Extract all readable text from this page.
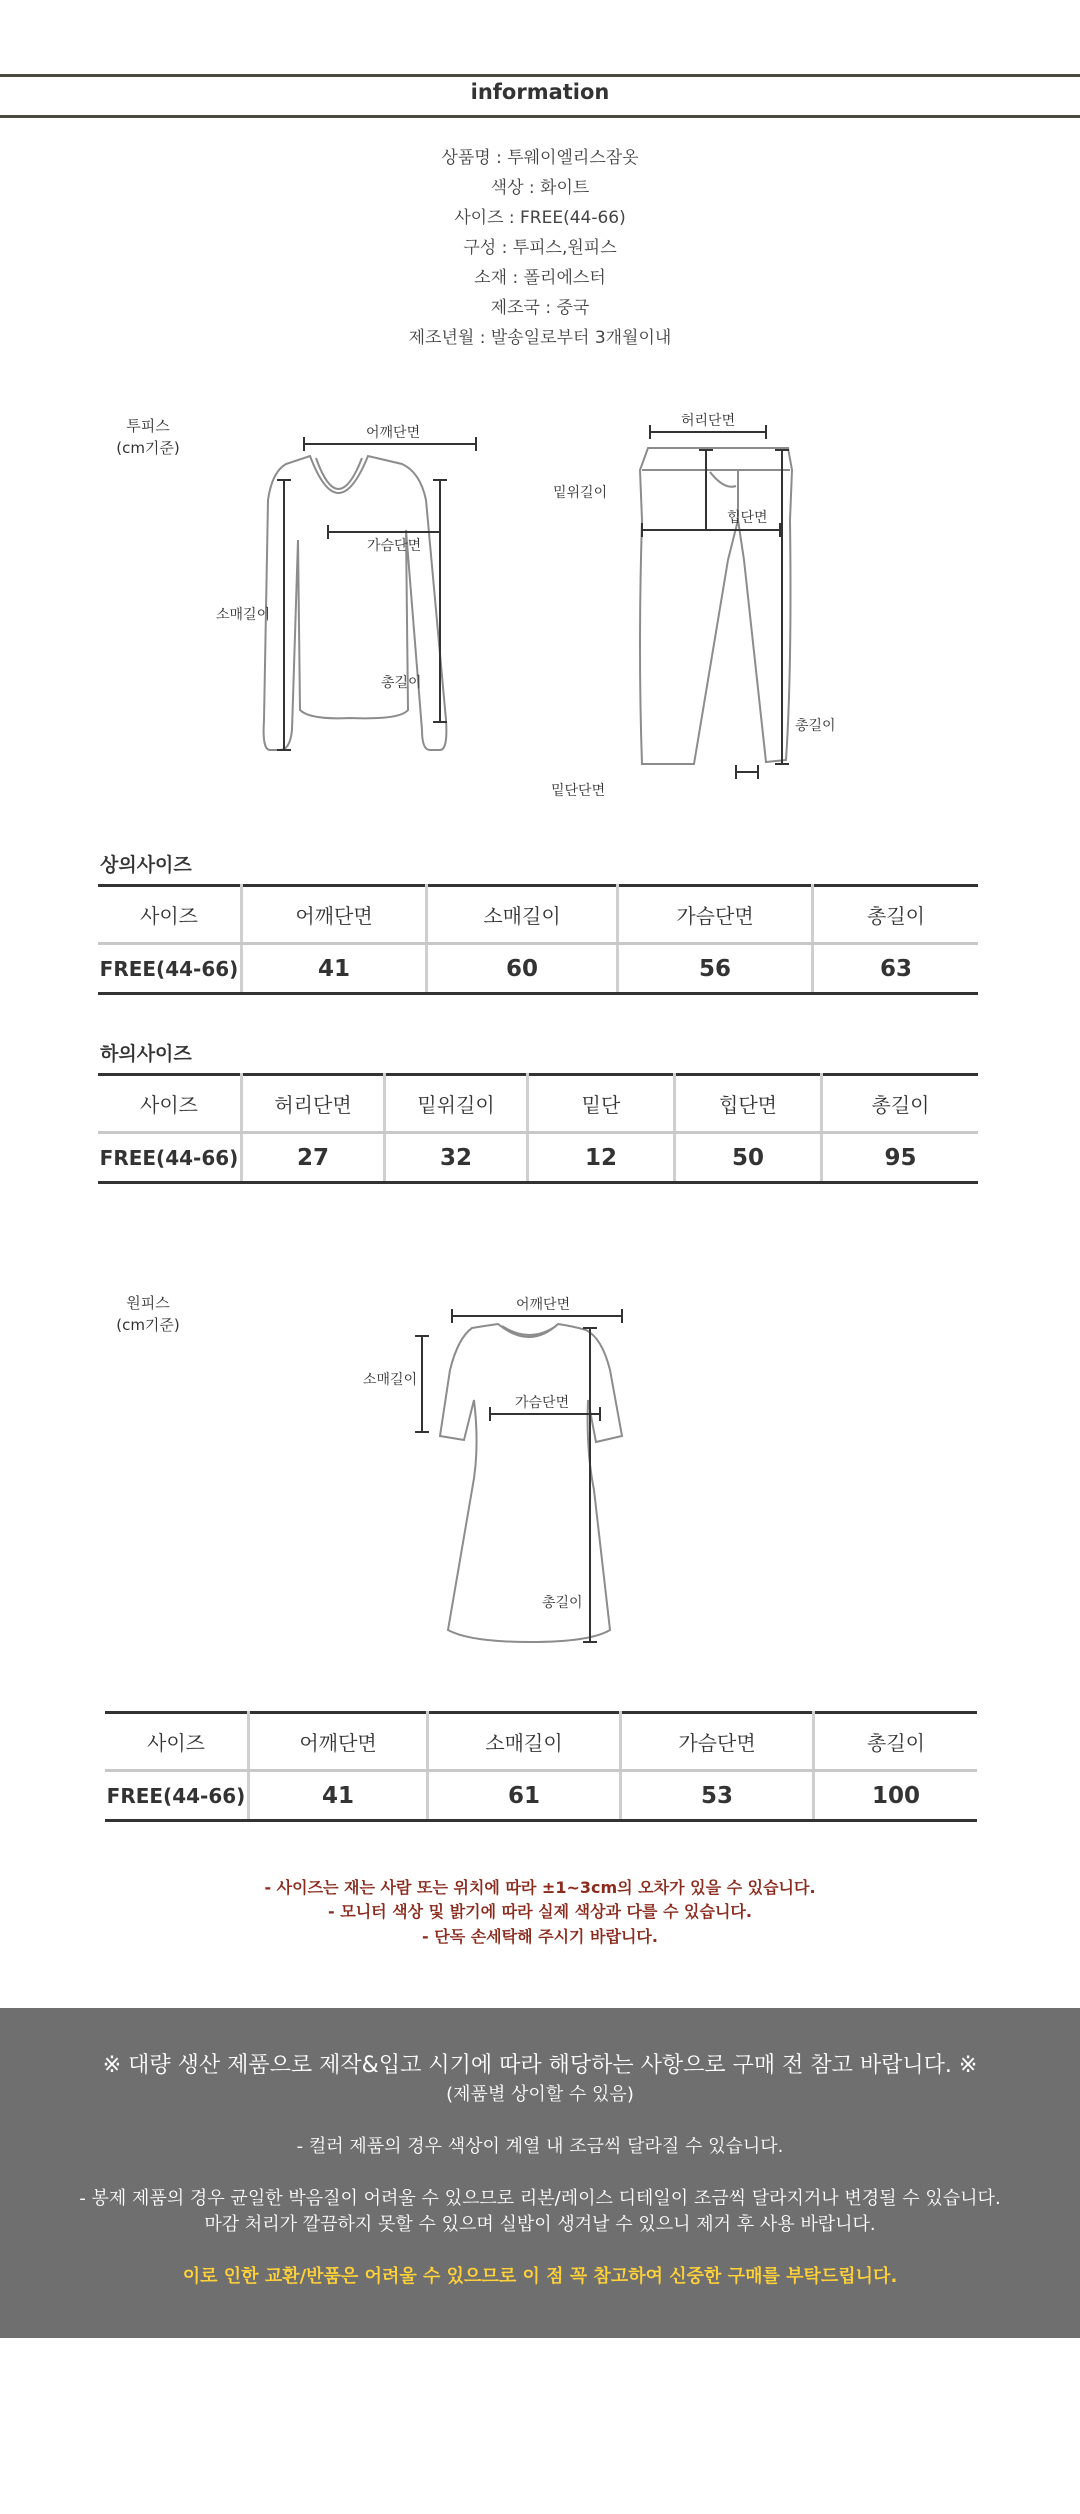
information
상품명 : 투웨이엘리스잠옷
색상 : 화이트
사이즈 : FREE(44-66)
구성 : 투피스,원피스
소재 : 폴리에스터
제조국 : 중국
제조년월 : 발송일로부터 3개월이내
투피스
(cm기준)
어깨단면
가슴단면
소매길이
총길이
허리단면
밑위길이
힙단면
총길이
밑단단면
상의사이즈
사이즈	어깨단면	소매길이	가슴단면	총길이
FREE(44-66)	41	60	56	63
하의사이즈
사이즈	허리단면	밑위길이	밑단	힙단면	총길이
FREE(44-66)	27	32	12	50	95
원피스
(cm기준)
어깨단면
소매길이
가슴단면
총길이
사이즈	어깨단면	소매길이	가슴단면	총길이
FREE(44-66)	41	61	53	100
- 사이즈는 재는 사람 또는 위치에 따라 ±1~3cm의 오차가 있을 수 있습니다.
- 모니터 색상 및 밝기에 따라 실제 색상과 다를 수 있습니다.
- 단독 손세탁해 주시기 바랍니다.
※ 대량 생산 제품으로 제작&입고 시기에 따라 해당하는 사항으로 구매 전 참고 바랍니다. ※
(제품별 상이할 수 있음)
- 컬러 제품의 경우 색상이 계열 내 조금씩 달라질 수 있습니다.
- 봉제 제품의 경우 균일한 박음질이 어려울 수 있으므로 리본/레이스 디테일이 조금씩 달라지거나 변경될 수 있습니다.
마감 처리가 깔끔하지 못할 수 있으며 실밥이 생겨날 수 있으니 제거 후 사용 바랍니다.
이로 인한 교환/반품은 어려울 수 있으므로 이 점 꼭 참고하여 신중한 구매를 부탁드립니다.
